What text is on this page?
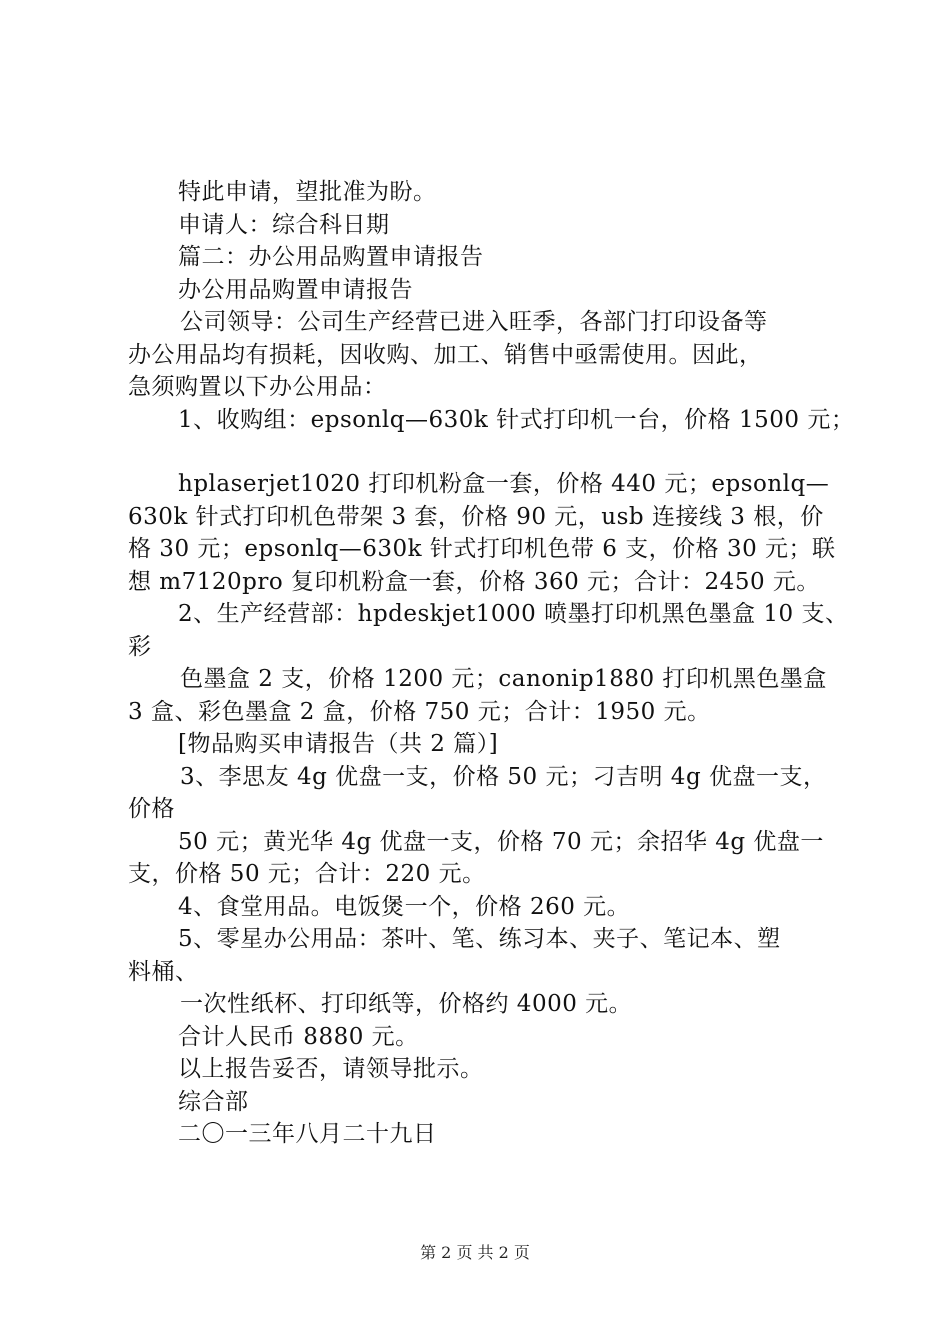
特此申请，望批准为盼。

申请人：综合科日期

篇二：办公用品购置申请报告

办公用品购置申请报告

公司领导：公司生产经营已进入旺季，各部门打印设备等

办公用品均有损耗，因收购、加工、销售中亟需使用。因此，

急须购置以下办公用品：

1、收购组：epsonlq—630k 针式打印机一台，价格 1500 元；

hplaserjet1020 打印机粉盒一套，价格 440 元；epsonlq—

630k 针式打印机色带架 3 套，价格 90 元，usb 连接线 3 根，价

格 30 元；epsonlq—630k 针式打印机色带 6 支，价格 30 元；联

想 m7120pro 复印机粉盒一套，价格 360 元；合计：2450 元。

2、生产经营部：hpdeskjet1000 喷墨打印机黑色墨盒 10 支、

彩

色墨盒 2 支，价格 1200 元；canonip1880 打印机黑色墨盒

3 盒、彩色墨盒 2 盒，价格 750 元；合计：1950 元。

[物品购买申请报告（共 2 篇）]

3、李思友 4g 优盘一支，价格 50 元；刁吉明 4g 优盘一支，

价格

50 元；黄光华 4g 优盘一支，价格 70 元；余招华 4g 优盘一

支，价格 50 元；合计：220 元。

4、食堂用品。电饭煲一个，价格 260 元。

5、零星办公用品：茶叶、笔、练习本、夹子、笔记本、塑

料桶、

一次性纸杯、打印纸等，价格约 4000 元。

合计人民币 8880 元。

以上报告妥否，请领导批示。

综合部

二〇一三年八月二十九日

第 2 页 共 2 页
